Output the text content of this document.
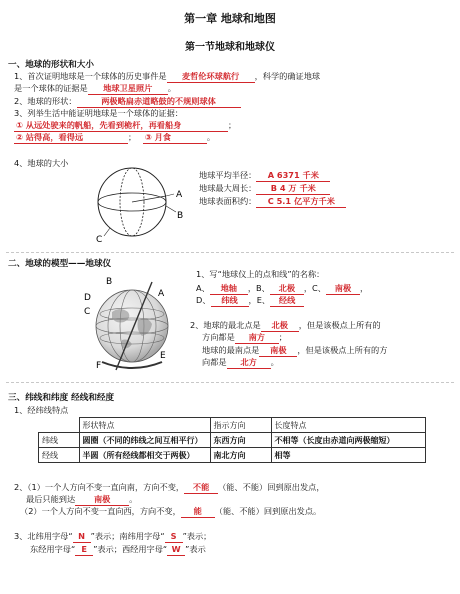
第一章 地球和地图
第一节地球和地球仪
一、地球的形状和大小
1、首次证明地球是一个球体的历史事件是 麦哲伦环球航行 ，科学的确证地球
是一个球体的证据是 地球卫星照片 。
2、地球的形状：	两极略扁赤道略鼓的不规则球体
3、列举生活中能证明地球是一个球体的证据：
① 从远处驶来的帆船，先看到桅杆，再看船身	；
② 站得高，看得远	； ③ 月食	。
4、地球的大小
A
B
C
地球平均半径： A 6371 千米
地球最大周长： B 4 万 千米
地球表面积约： C 5.1 亿平方千米
二、地球的模型——地球仪
B
D	A
C
F
E
1、写“地球仪上的点和线”的名称：
A、 地轴 ，B、 北极 ，C、 南极 ，
D、 纬线 ，E、 经线
2、地球的最北点是 北极 ，但是该极点上所有的
方向都是 南方 ；
地球的最南点是 南极 ，但是该极点上所有的方
向都是 北方 。
三、纬线和纬度 经线和经度
1、经纬线特点
	形状特点	指示方向	长度特点
纬线	圆圈（不同的纬线之间互相平行）	东西方向	不相等（长度由赤道向两极缩短）
经线	半圆（所有经线都相交于两极）	南北方向	相等
2、（1）一个人方向不变一直向南，方向不变， 不能 （能、不能）回到原出发点，
最后只能到达 南极 。
（2）一个人方向不变一直向西，方向不变， 能 （能、不能）回到原出发点。
3、北纬用字母“ N ”表示；南纬用字母“ S ”表示；
东经用字母“ E ”表示；西经用字母“ W ”表示
